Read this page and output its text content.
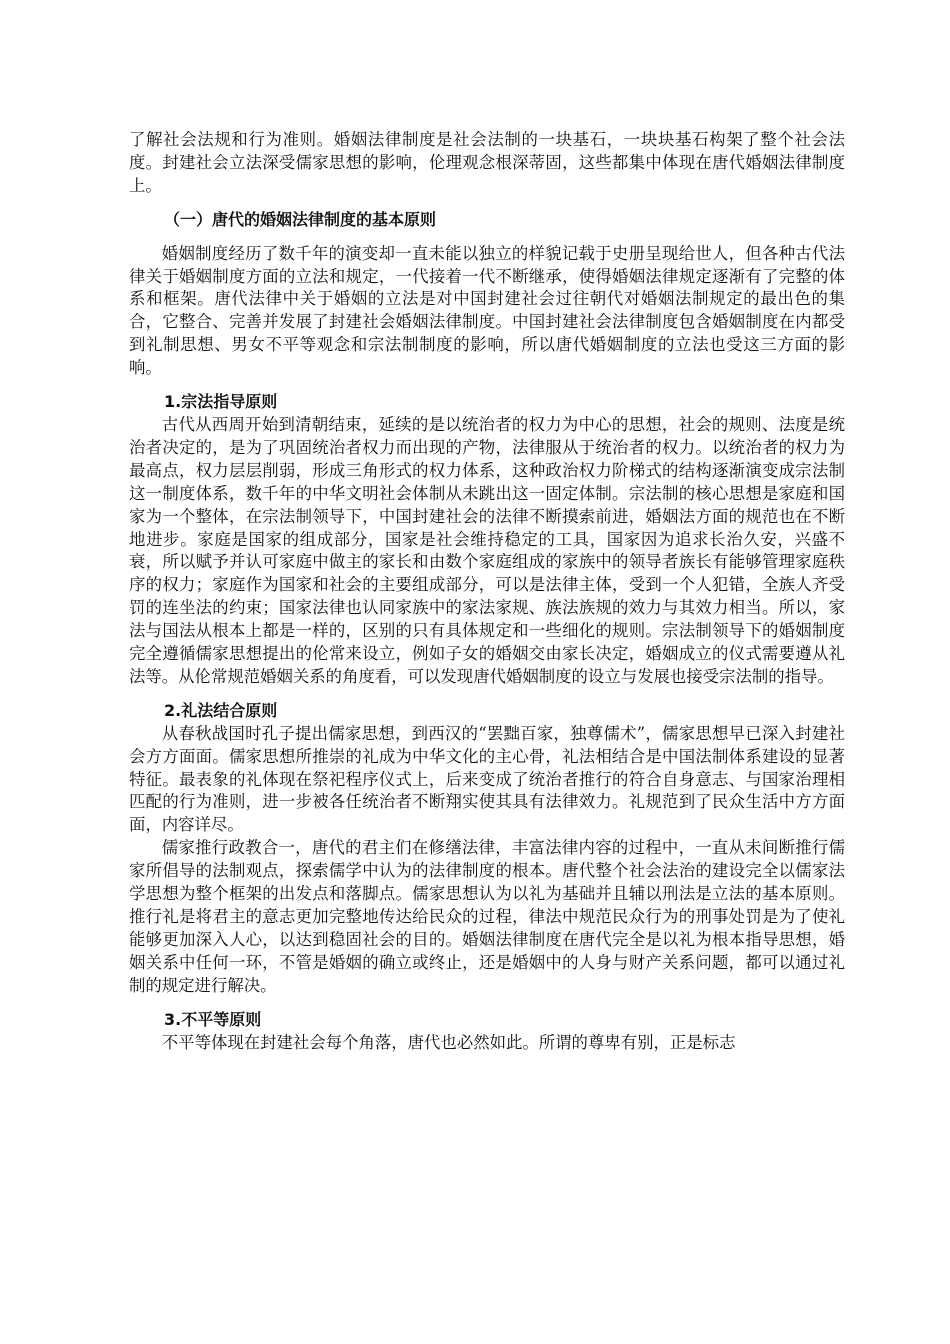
了解社会法规和行为准则。婚姻法律制度是社会法制的一块基石，一块块基石构架了整个社会法度。封建社会立法深受儒家思想的影响，伦理观念根深蒂固，这些都集中体现在唐代婚姻法律制度上。

（一）唐代的婚姻法律制度的基本原则

婚姻制度经历了数千年的演变却一直未能以独立的样貌记载于史册呈现给世人，但各种古代法律关于婚姻制度方面的立法和规定，一代接着一代不断继承，使得婚姻法律规定逐渐有了完整的体系和框架。唐代法律中关于婚姻的立法是对中国封建社会过往朝代对婚姻法制规定的最出色的集合，它整合、完善并发展了封建社会婚姻法律制度。中国封建社会法律制度包含婚姻制度在内都受到礼制思想、男女不平等观念和宗法制制度的影响，所以唐代婚姻制度的立法也受这三方面的影响。

1.宗法指导原则

古代从西周开始到清朝结束，延续的是以统治者的权力为中心的思想，社会的规则、法度是统治者决定的，是为了巩固统治者权力而出现的产物，法律服从于统治者的权力。以统治者的权力为最高点，权力层层削弱，形成三角形式的权力体系，这种政治权力阶梯式的结构逐渐演变成宗法制这一制度体系，数千年的中华文明社会体制从未跳出这一固定体制。宗法制的核心思想是家庭和国家为一个整体，在宗法制领导下，中国封建社会的法律不断摸索前进，婚姻法方面的规范也在不断地进步。家庭是国家的组成部分，国家是社会维持稳定的工具，国家因为追求长治久安，兴盛不衰，所以赋予并认可家庭中做主的家长和由数个家庭组成的家族中的领导者族长有能够管理家庭秩序的权力；家庭作为国家和社会的主要组成部分，可以是法律主体，受到一个人犯错，全族人齐受罚的连坐法的约束；国家法律也认同家族中的家法家规、族法族规的效力与其效力相当。所以，家法与国法从根本上都是一样的，区别的只有具体规定和一些细化的规则。宗法制领导下的婚姻制度完全遵循儒家思想提出的伦常来设立，例如子女的婚姻交由家长决定，婚姻成立的仪式需要遵从礼法等。从伦常规范婚姻关系的角度看，可以发现唐代婚姻制度的设立与发展也接受宗法制的指导。

2.礼法结合原则

从春秋战国时孔子提出儒家思想，到西汉的“罢黜百家，独尊儒术”，儒家思想早已深入封建社会方方面面。儒家思想所推崇的礼成为中华文化的主心骨，礼法相结合是中国法制体系建设的显著特征。最表象的礼体现在祭祀程序仪式上，后来变成了统治者推行的符合自身意志、与国家治理相匹配的行为准则，进一步被各任统治者不断翔实使其具有法律效力。礼规范到了民众生活中方方面面，内容详尽。

儒家推行政教合一，唐代的君主们在修缮法律，丰富法律内容的过程中，一直从未间断推行儒家所倡导的法制观点，探索儒学中认为的法律制度的根本。唐代整个社会法治的建设完全以儒家法学思想为整个框架的出发点和落脚点。儒家思想认为以礼为基础并且辅以刑法是立法的基本原则。推行礼是将君主的意志更加完整地传达给民众的过程，律法中规范民众行为的刑事处罚是为了使礼能够更加深入人心，以达到稳固社会的目的。婚姻法律制度在唐代完全是以礼为根本指导思想，婚姻关系中任何一环，不管是婚姻的确立或终止，还是婚姻中的人身与财产关系问题，都可以通过礼制的规定进行解决。

3.不平等原则

不平等体现在封建社会每个角落，唐代也必然如此。所谓的尊卑有别，正是标志
